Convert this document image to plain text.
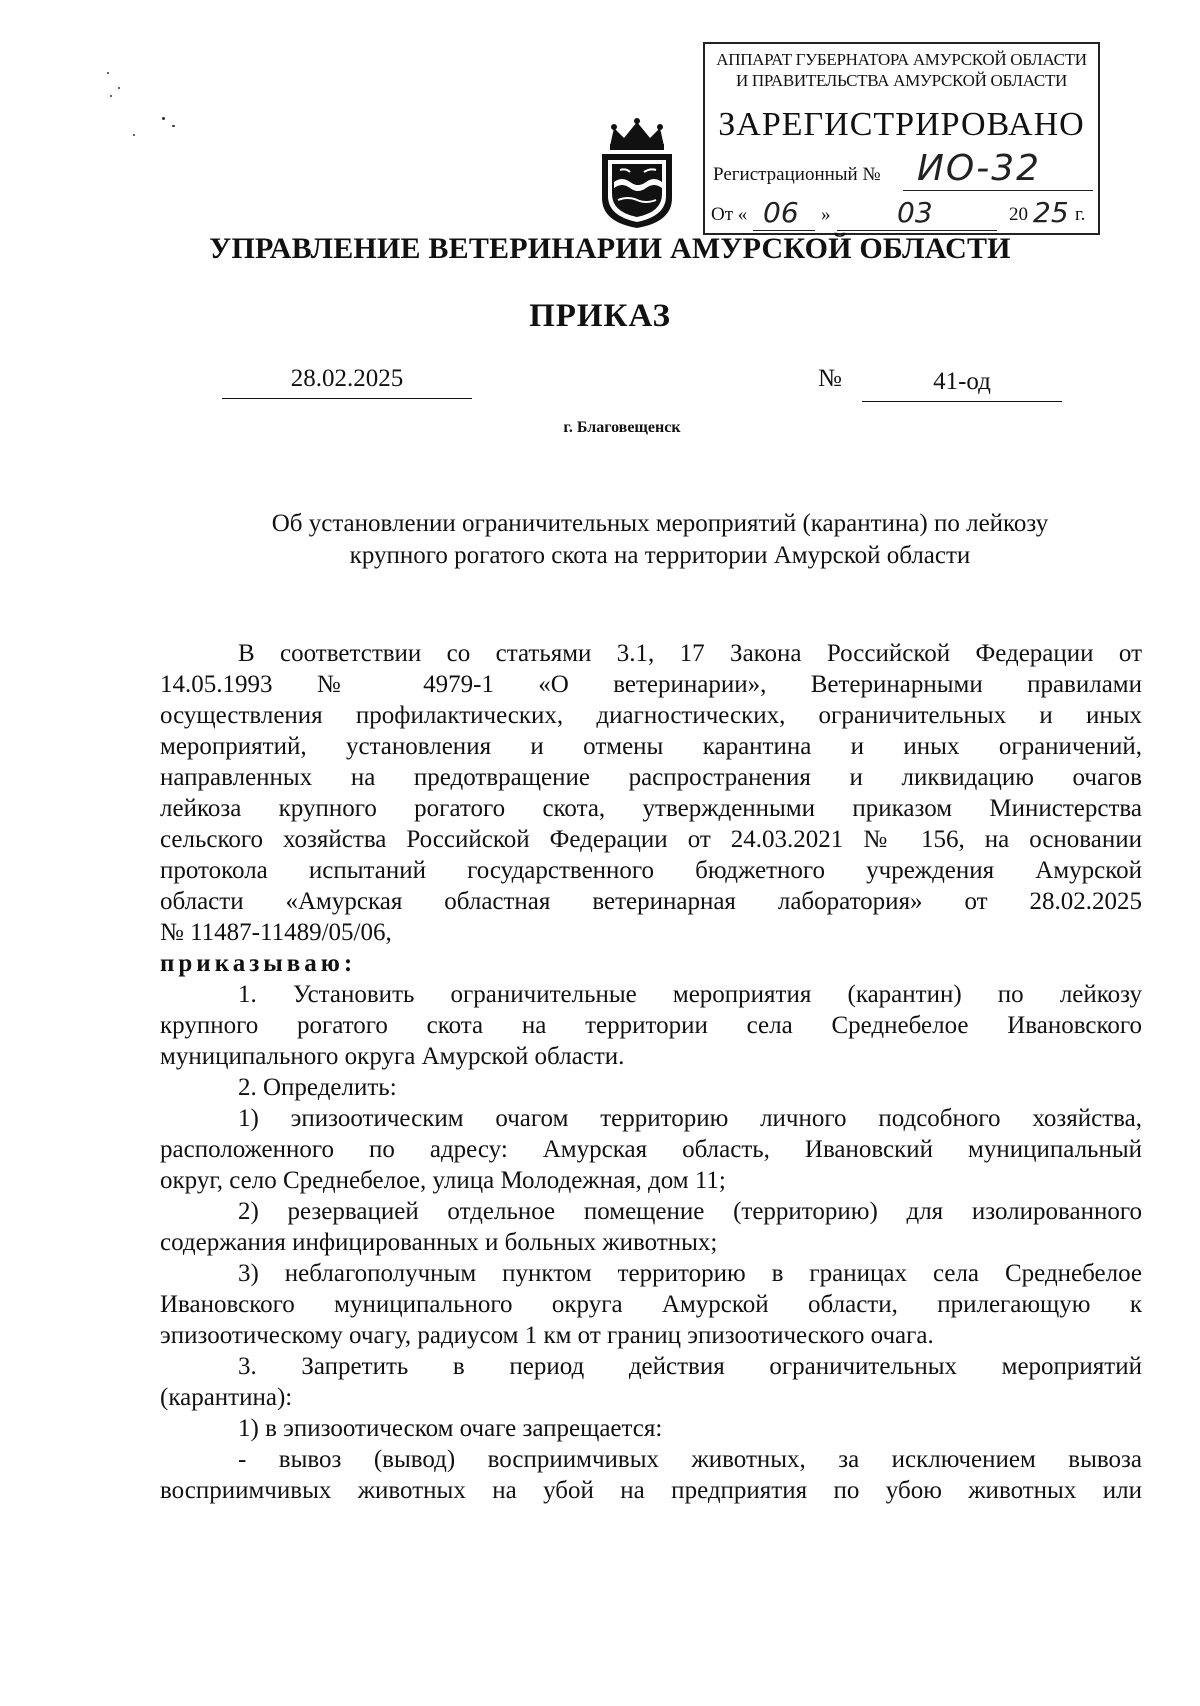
АППАРАТ ГУБЕРНАТОРА АМУРСКОЙ ОБЛАСТИ
И ПРАВИТЕЛЬСТВА АМУРСКОЙ ОБЛАСТИ
ЗАРЕГИСТРИРОВАНО
Регистрационный № ИО-32
От « 06 » 03	20 25 г.
УПРАВЛЕНИЕ ВЕТЕРИНАРИИ АМУРСКОЙ ОБЛАСТИ
ПРИКАЗ
28.02.2025	№	41-од
г. Благовещенск
Об установлении ограничительных мероприятий (карантина) по лейкозу
крупного рогатого скота на территории Амурской области
В соответствии со статьями 3.1, 17 Закона Российской Федерации от
14.05.1993 № 4979-1 «О ветеринарии», Ветеринарными правилами
осуществления профилактических, диагностических, ограничительных и иных
мероприятий, установления и отмены карантина и иных ограничений,
направленных на предотвращение распространения и ликвидацию очагов
лейкоза крупного рогатого скота, утвержденными приказом Министерства
сельского хозяйства Российской Федерации от 24.03.2021 № 156, на основании
протокола испытаний государственного бюджетного учреждения Амурской
области «Амурская областная ветеринарная лаборатория» от 28.02.2025
№ 11487-11489/05/06,
приказываю:
1. Установить ограничительные мероприятия (карантин) по лейкозу
крупного рогатого скота на территории села Среднебелое Ивановского
муниципального округа Амурской области.
2. Определить:
1) эпизоотическим очагом территорию личного подсобного хозяйства,
расположенного по адресу: Амурская область, Ивановский муниципальный
округ, село Среднебелое, улица Молодежная, дом 11;
2) резервацией отдельное помещение (территорию) для изолированного
содержания инфицированных и больных животных;
3) неблагополучным пунктом территорию в границах села Среднебелое
Ивановского муниципального округа Амурской области, прилегающую к
эпизоотическому очагу, радиусом 1 км от границ эпизоотического очага.
3. Запретить в период действия ограничительных мероприятий
(карантина):
1) в эпизоотическом очаге запрещается:
- вывоз (вывод) восприимчивых животных, за исключением вывоза
восприимчивых животных на убой на предприятия по убою животных или
